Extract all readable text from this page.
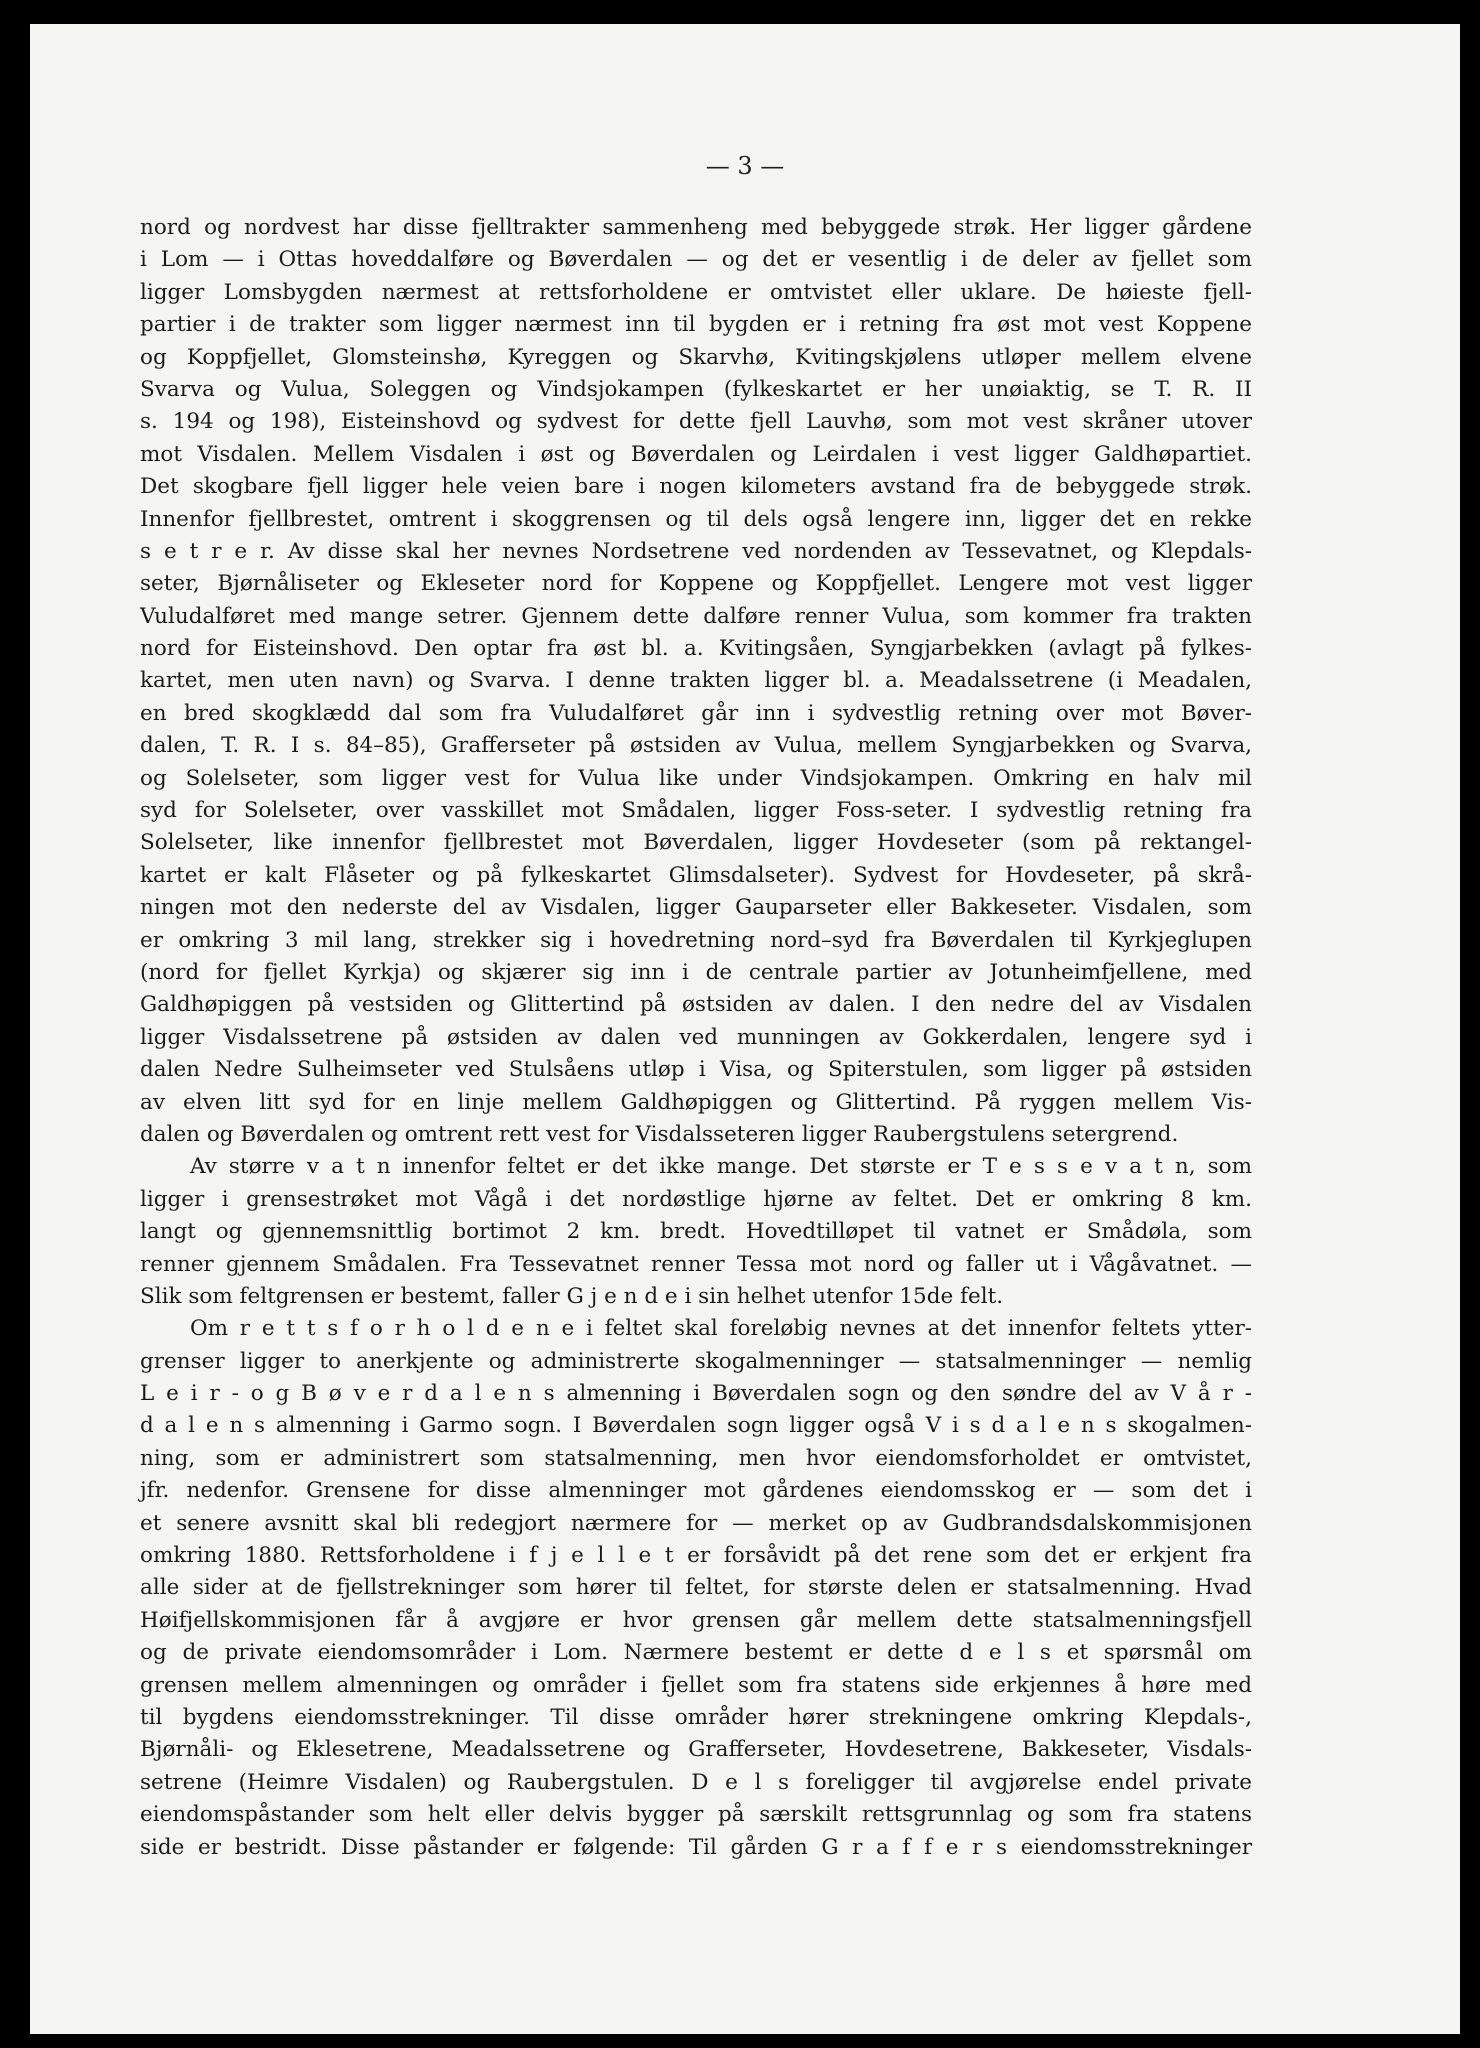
— 3 —
nord og nordvest har disse fjelltrakter sammenheng med bebyggede strøk. Her ligger gårdene
i Lom — i Ottas hoveddalføre og Bøverdalen — og det er vesentlig i de deler av fjellet som
ligger Lomsbygden nærmest at rettsforholdene er omtvistet eller uklare. De høieste fjell-
partier i de trakter som ligger nærmest inn til bygden er i retning fra øst mot vest Koppene
og Koppfjellet, Glomsteinshø, Kyreggen og Skarvhø, Kvitingskjølens utløper mellem elvene
Svarva og Vulua, Soleggen og Vindsjokampen (fylkeskartet er her unøiaktig, se T. R. II
s. 194 og 198), Eisteinshovd og sydvest for dette fjell Lauvhø, som mot vest skråner utover
mot Visdalen. Mellem Visdalen i øst og Bøverdalen og Leirdalen i vest ligger Galdhøpartiet.
Det skogbare fjell ligger hele veien bare i nogen kilometers avstand fra de bebyggede strøk.
Innenfor fjellbrestet, omtrent i skoggrensen og til dels også lengere inn, ligger det en rekke
s e t r e r. Av disse skal her nevnes Nordsetrene ved nordenden av Tessevatnet, og Klepdals-
seter, Bjørnåliseter og Ekleseter nord for Koppene og Koppfjellet. Lengere mot vest ligger
Vuludalføret med mange setrer. Gjennem dette dalføre renner Vulua, som kommer fra trakten
nord for Eisteinshovd. Den optar fra øst bl. a. Kvitingsåen, Syngjarbekken (avlagt på fylkes-
kartet, men uten navn) og Svarva. I denne trakten ligger bl. a. Meadalssetrene (i Meadalen,
en bred skogklædd dal som fra Vuludalføret går inn i sydvestlig retning over mot Bøver-
dalen, T. R. I s. 84–85), Grafferseter på østsiden av Vulua, mellem Syngjarbekken og Svarva,
og Solelseter, som ligger vest for Vulua like under Vindsjokampen. Omkring en halv mil
syd for Solelseter, over vasskillet mot Smådalen, ligger Foss-seter. I sydvestlig retning fra
Solelseter, like innenfor fjellbrestet mot Bøverdalen, ligger Hovdeseter (som på rektangel-
kartet er kalt Flåseter og på fylkeskartet Glimsdalseter). Sydvest for Hovdeseter, på skrå-
ningen mot den nederste del av Visdalen, ligger Gauparseter eller Bakkeseter. Visdalen, som
er omkring 3 mil lang, strekker sig i hovedretning nord–syd fra Bøverdalen til Kyrkjeglupen
(nord for fjellet Kyrkja) og skjærer sig inn i de centrale partier av Jotunheimfjellene, med
Galdhøpiggen på vestsiden og Glittertind på østsiden av dalen. I den nedre del av Visdalen
ligger Visdalssetrene på østsiden av dalen ved munningen av Gokkerdalen, lengere syd i
dalen Nedre Sulheimseter ved Stulsåens utløp i Visa, og Spiterstulen, som ligger på østsiden
av elven litt syd for en linje mellem Galdhøpiggen og Glittertind. På ryggen mellem Vis-
dalen og Bøverdalen og omtrent rett vest for Visdalsseteren ligger Raubergstulens setergrend.
Av større v a t n innenfor feltet er det ikke mange. Det største er T e s s e v a t n, som
ligger i grensestrøket mot Vågå i det nordøstlige hjørne av feltet. Det er omkring 8 km.
langt og gjennemsnittlig bortimot 2 km. bredt. Hovedtilløpet til vatnet er Smådøla, som
renner gjennem Smådalen. Fra Tessevatnet renner Tessa mot nord og faller ut i Vågåvatnet. —
Slik som feltgrensen er bestemt, faller G j e n d e i sin helhet utenfor 15de felt.
Om r e t t s f o r h o l d e n e i feltet skal foreløbig nevnes at det innenfor feltets ytter-
grenser ligger to anerkjente og administrerte skogalmenninger — statsalmenninger — nemlig
L e i r - o g B ø v e r d a l e n s almenning i Bøverdalen sogn og den søndre del av V å r -
d a l e n s almenning i Garmo sogn. I Bøverdalen sogn ligger også V i s d a l e n s skogalmen-
ning, som er administrert som statsalmenning, men hvor eiendomsforholdet er omtvistet,
jfr. nedenfor. Grensene for disse almenninger mot gårdenes eiendomsskog er — som det i
et senere avsnitt skal bli redegjort nærmere for — merket op av Gudbrandsdalskommisjonen
omkring 1880. Rettsforholdene i f j e l l e t er forsåvidt på det rene som det er erkjent fra
alle sider at de fjellstrekninger som hører til feltet, for største delen er statsalmenning. Hvad
Høifjellskommisjonen får å avgjøre er hvor grensen går mellem dette statsalmenningsfjell
og de private eiendomsområder i Lom. Nærmere bestemt er dette d e l s et spørsmål om
grensen mellem almenningen og områder i fjellet som fra statens side erkjennes å høre med
til bygdens eiendomsstrekninger. Til disse områder hører strekningene omkring Klepdals-,
Bjørnåli- og Eklesetrene, Meadalssetrene og Grafferseter, Hovdesetrene, Bakkeseter, Visdals-
setrene (Heimre Visdalen) og Raubergstulen. D e l s foreligger til avgjørelse endel private
eiendomspåstander som helt eller delvis bygger på særskilt rettsgrunnlag og som fra statens
side er bestridt. Disse påstander er følgende: Til gården G r a f f e r s eiendomsstrekninger
